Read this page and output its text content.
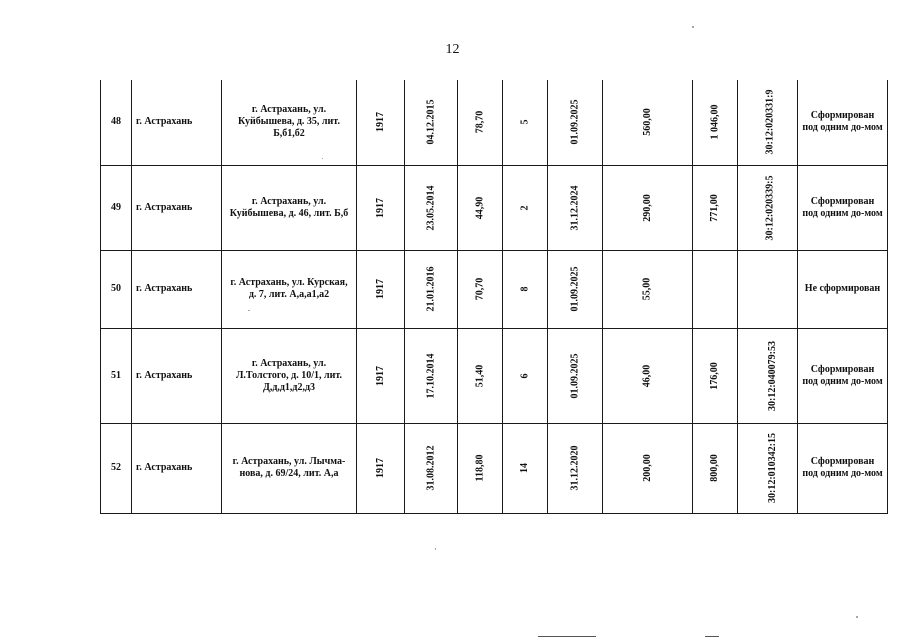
12
48	г. Астрахань	г. Астрахань, ул. Куйбышева, д. 35, лит. Б,б1,б2	1917	04.12.2015	78,70	5	01.09.2025	560,00	1 046,00	30:12:020331:9	Сформирован под одним до-мом

49	г. Астрахань	г. Астрахань, ул. Куйбышева, д. 46, лит. Б,б	1917	23.05.2014	44,90	2	31.12.2024	290,00	771,00	30:12:020339:5	Сформирован под одним до-мом

50	г. Астрахань	г. Астрахань, ул. Курская, д. 7, лит. А,а,а1,а2	1917	21.01.2016	70,70	8	01.09.2025	55,00			Не сформирован

51	г. Астрахань	г. Астрахань, ул. Л.Толстого, д. 10/1, лит. Д,д,д1,д2,д3	1917	17.10.2014	51,40	6	01.09.2025	46,00	176,00	30:12:040079:53	Сформирован под одним до-мом

52	г. Астрахань	г. Астрахань, ул. Лычма-нова, д. 69/24, лит. А,а	1917	31.08.2012	118,80	14	31.12.2020	200,00	800,00	30:12:010342:15	Сформирован под одним до-мом
